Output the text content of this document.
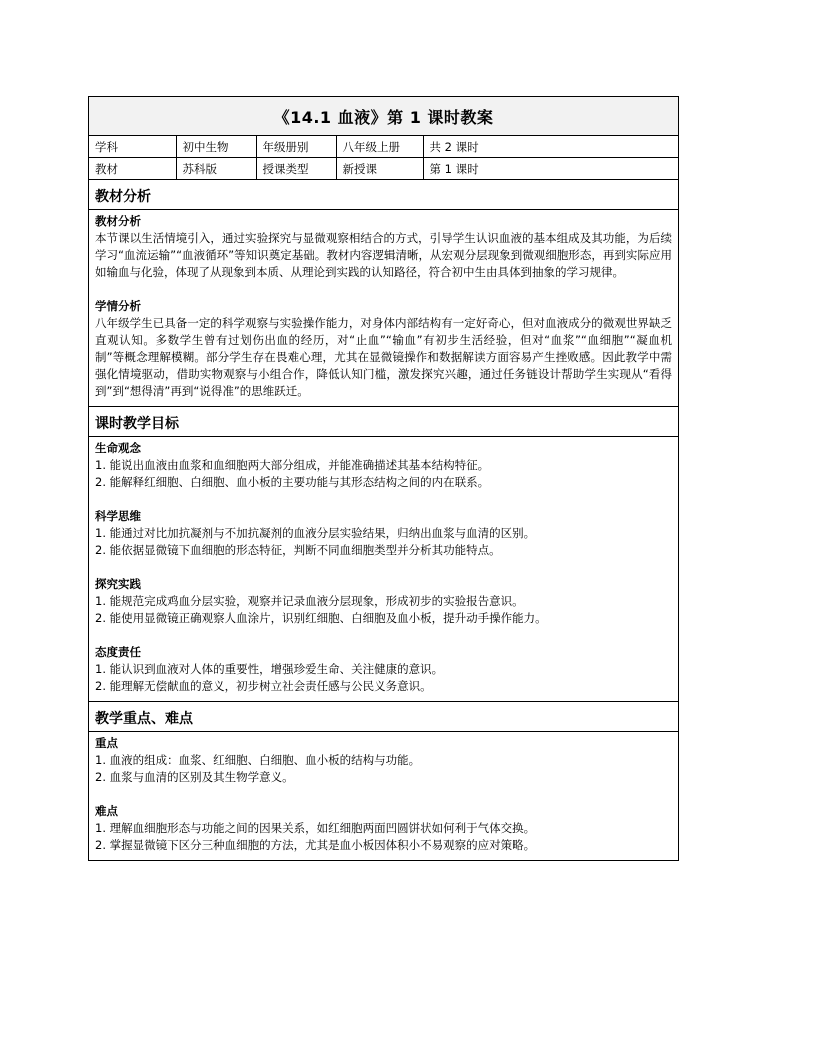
《14.1 血液》第 1 课时教案
学科	初中生物	年级册别	八年级上册	共 2 课时
教材	苏科版	授课类型	新授课	第 1 课时
教材分析
教材分析
本节课以生活情境引入，通过实验探究与显微观察相结合的方式，引导学生认识血液的基本组成及其功能，为后续学习“血流运输”“血液循环”等知识奠定基础。教材内容逻辑清晰，从宏观分层现象到微观细胞形态，再到实际应用如输血与化验，体现了从现象到本质、从理论到实践的认知路径，符合初中生由具体到抽象的学习规律。
学情分析
八年级学生已具备一定的科学观察与实验操作能力，对身体内部结构有一定好奇心，但对血液成分的微观世界缺乏直观认知。多数学生曾有过划伤出血的经历，对“止血”“输血”有初步生活经验，但对“血浆”“血细胞”“凝血机制”等概念理解模糊。部分学生存在畏难心理，尤其在显微镜操作和数据解读方面容易产生挫败感。因此教学中需强化情境驱动，借助实物观察与小组合作，降低认知门槛，激发探究兴趣，通过任务链设计帮助学生实现从“看得到”到“想得清”再到“说得准”的思维跃迁。
课时教学目标
生命观念
1. 能说出血液由血浆和血细胞两大部分组成，并能准确描述其基本结构特征。
2. 能解释红细胞、白细胞、血小板的主要功能与其形态结构之间的内在联系。
科学思维
1. 能通过对比加抗凝剂与不加抗凝剂的血液分层实验结果，归纳出血浆与血清的区别。
2. 能依据显微镜下血细胞的形态特征，判断不同血细胞类型并分析其功能特点。
探究实践
1. 能规范完成鸡血分层实验，观察并记录血液分层现象，形成初步的实验报告意识。
2. 能使用显微镜正确观察人血涂片，识别红细胞、白细胞及血小板，提升动手操作能力。
态度责任
1. 能认识到血液对人体的重要性，增强珍爱生命、关注健康的意识。
2. 能理解无偿献血的意义，初步树立社会责任感与公民义务意识。
教学重点、难点
重点
1. 血液的组成：血浆、红细胞、白细胞、血小板的结构与功能。
2. 血浆与血清的区别及其生物学意义。
难点
1. 理解血细胞形态与功能之间的因果关系，如红细胞两面凹圆饼状如何利于气体交换。
2. 掌握显微镜下区分三种血细胞的方法，尤其是血小板因体积小不易观察的应对策略。
